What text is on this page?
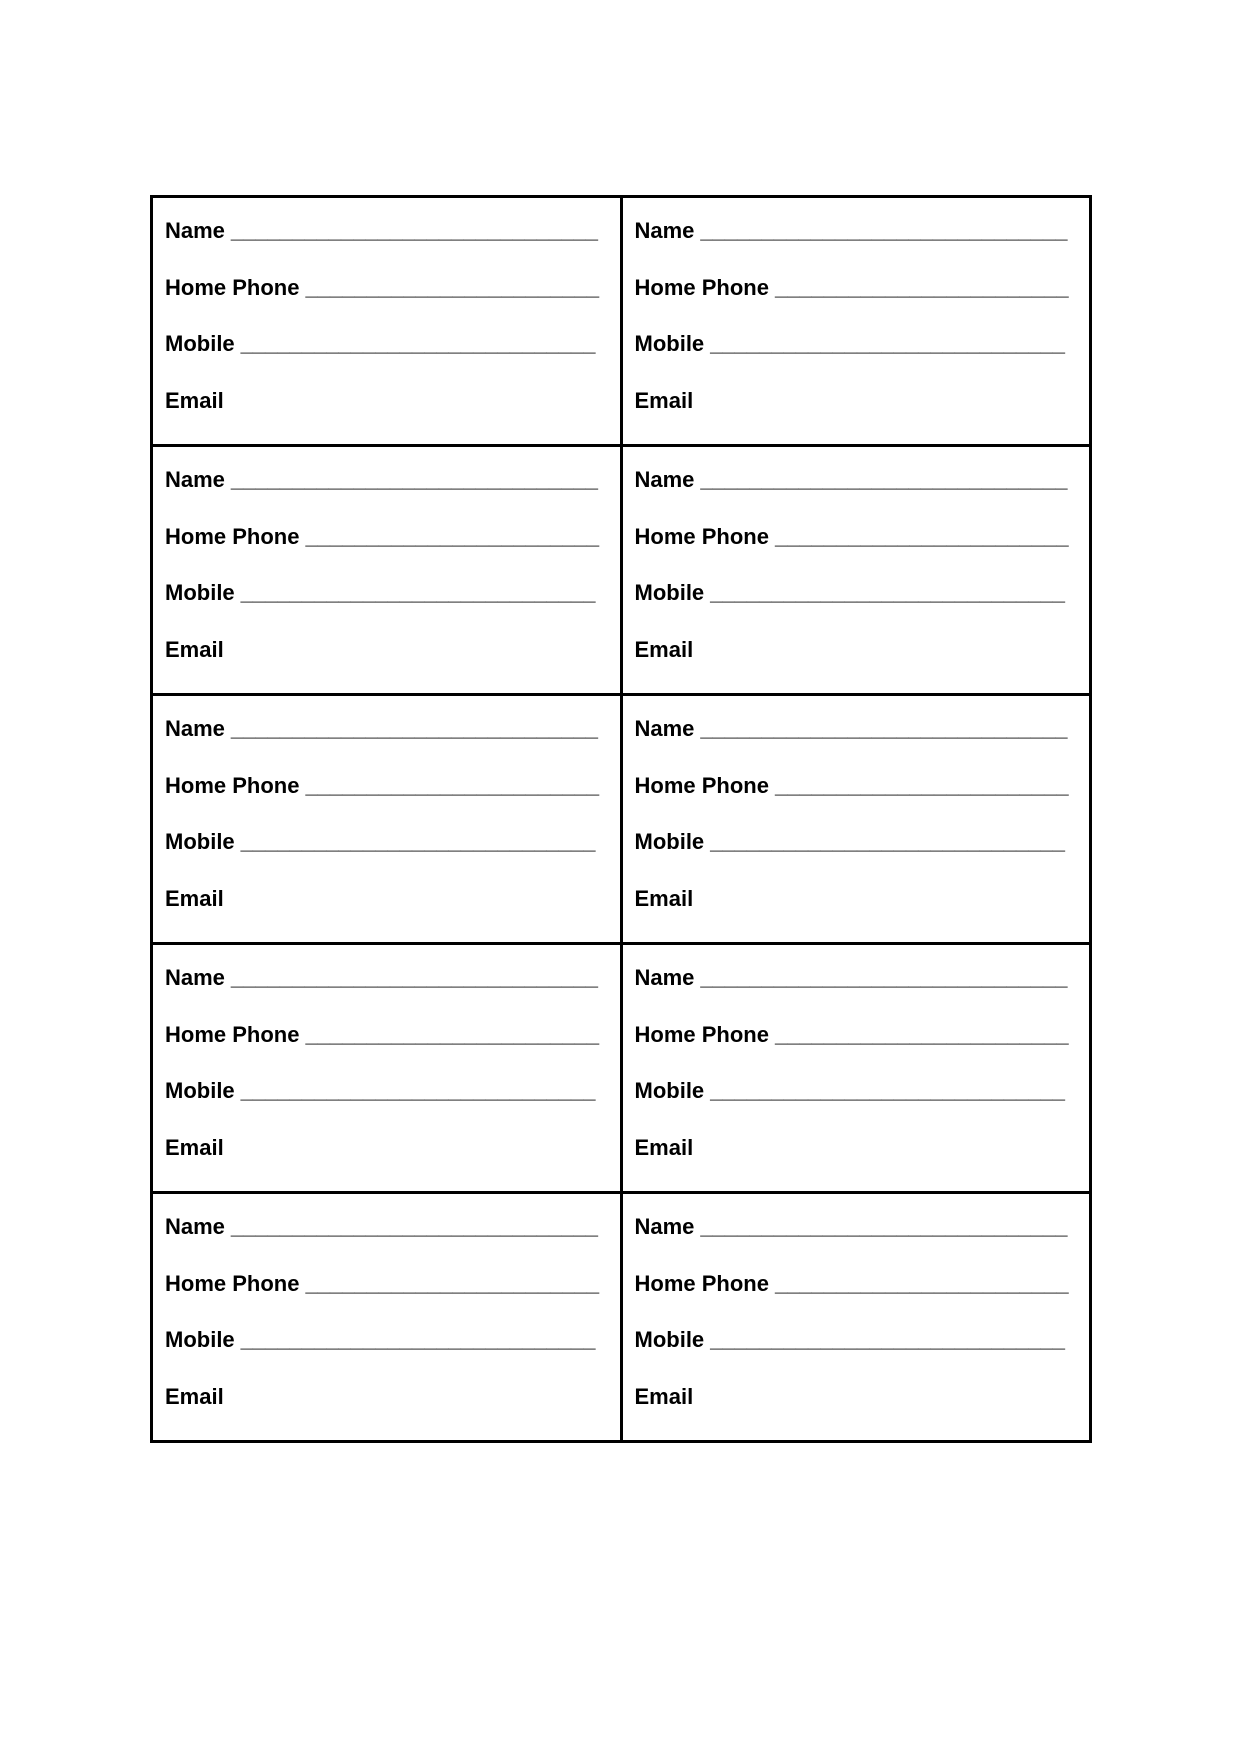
Name ______________________________
Home Phone ________________________
Mobile _____________________________
Email

Name ______________________________
Home Phone ________________________
Mobile _____________________________
Email

Name ______________________________
Home Phone ________________________
Mobile _____________________________
Email

Name ______________________________
Home Phone ________________________
Mobile _____________________________
Email

Name ______________________________
Home Phone ________________________
Mobile _____________________________
Email

Name ______________________________
Home Phone ________________________
Mobile _____________________________
Email

Name ______________________________
Home Phone ________________________
Mobile _____________________________
Email

Name ______________________________
Home Phone ________________________
Mobile _____________________________
Email

Name ______________________________
Home Phone ________________________
Mobile _____________________________
Email

Name ______________________________
Home Phone ________________________
Mobile _____________________________
Email
